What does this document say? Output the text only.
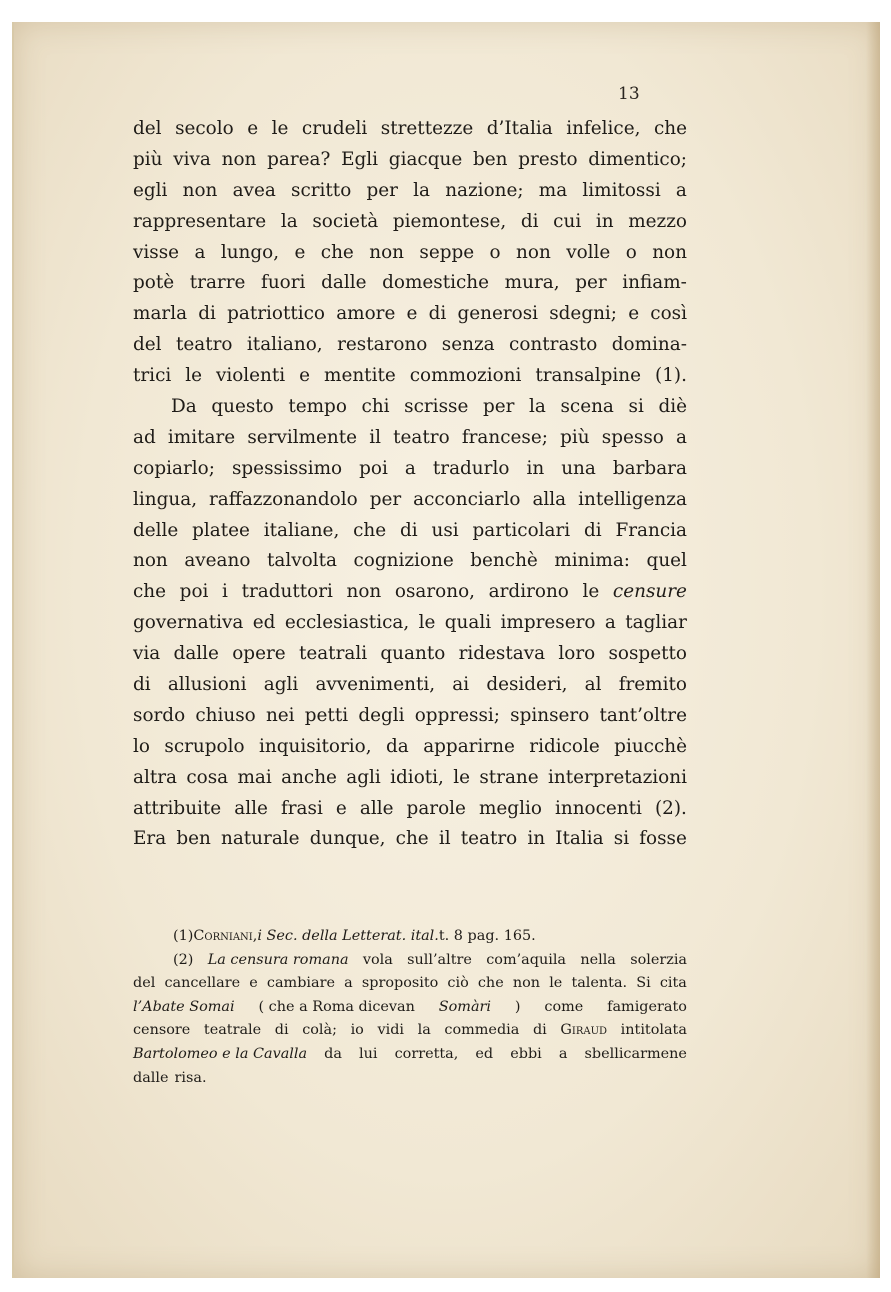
13
del secolo e le crudeli strettezze d’Italia infelice, che
più viva non parea? Egli giacque ben presto dimentico;
egli non avea scritto per la nazione; ma limitossi a
rappresentare la società piemontese, di cui in mezzo
visse a lungo, e che non seppe o non volle o non
potè trarre fuori dalle domestiche mura, per infiam-
marla di patriottico amore e di generosi sdegni; e così
del teatro italiano, restarono senza contrasto domina-
trici le violenti e mentite commozioni transalpine (1).
Da questo tempo chi scrisse per la scena si diè
ad imitare servilmente il teatro francese; più spesso a
copiarlo; spessissimo poi a tradurlo in una barbara
lingua, raffazzonandolo per acconciarlo alla intelligenza
delle platee italiane, che di usi particolari di Francia
non aveano talvolta cognizione benchè minima: quel
che poi i traduttori non osarono, ardirono le censure
governativa ed ecclesiastica, le quali impresero a tagliar
via dalle opere teatrali quanto ridestava loro sospetto
di allusioni agli avvenimenti, ai desideri, al fremito
sordo chiuso nei petti degli oppressi; spinsero tant’oltre
lo scrupolo inquisitorio, da apparirne ridicole piucchè
altra cosa mai anche agli idioti, le strane interpretazioni
attribuite alle frasi e alle parole meglio innocenti (2).
Era ben naturale dunque, che il teatro in Italia si fosse
(1) Corniani, i Sec. della Letterat. ital. t. 8 pag. 165.
(2) La censura romana vola sull’altre com’aquila nella solerzia
del cancellare e cambiare a sproposito ciò che non le talenta. Si cita
l’Abate Somai ( che a Roma dicevan Somàri ) come famigerato
censore teatrale di colà; io vidi la commedia di Giraud intitolata
Bartolomeo e la Cavalla da lui corretta, ed ebbi a sbellicarmene
dalle risa.
